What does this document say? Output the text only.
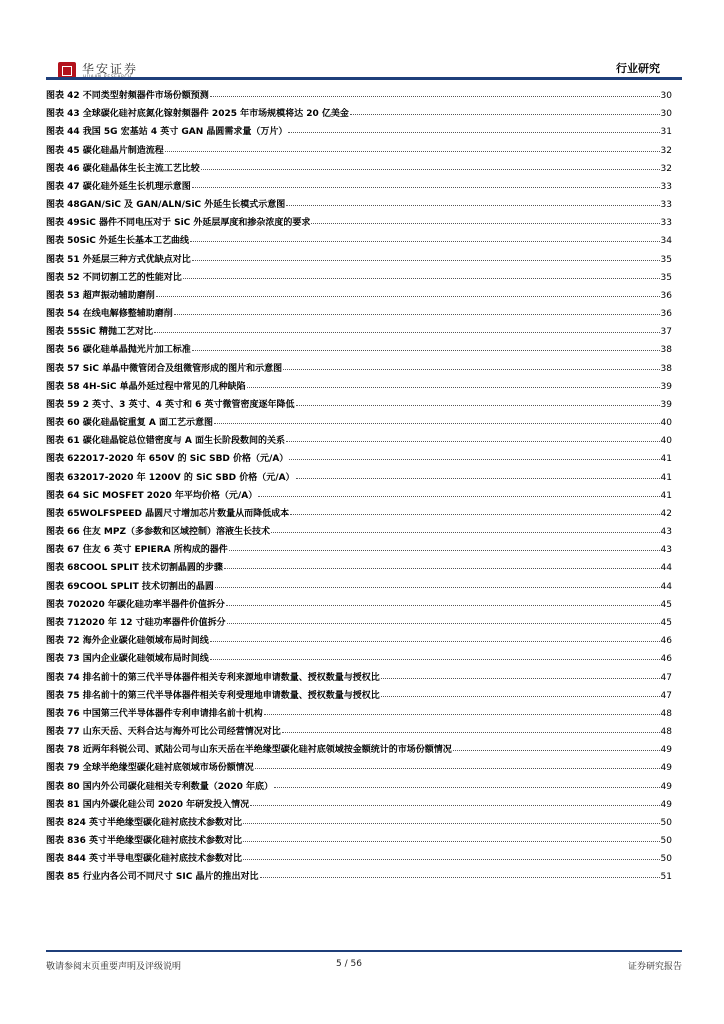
华安证券	行业研究
图表 42 不同类型射频器件市场份额预测	30
图表 43 全球碳化硅衬底氮化镓射频器件 2025 年市场规模将达 20 亿美金	30
图表 44 我国 5G 宏基站 4 英寸 GAN 晶圆需求量（万片）	31
图表 45 碳化硅晶片制造流程	32
图表 46 碳化硅晶体生长主流工艺比较	32
图表 47 碳化硅外延生长机理示意图	33
图表 48GAN/SiC 及 GAN/ALN/SiC 外延生长模式示意图	33
图表 49SiC 器件不同电压对于 SiC 外延层厚度和掺杂浓度的要求	33
图表 50SiC 外延生长基本工艺曲线	34
图表 51 外延层三种方式优缺点对比	35
图表 52 不同切割工艺的性能对比	35
图表 53 超声振动辅助磨削	36
图表 54 在线电解修整辅助磨削	36
图表 55SiC 精抛工艺对比	37
图表 56 碳化硅单晶抛光片加工标准	38
图表 57 SiC 单晶中微管闭合及组微管形成的图片和示意图	38
图表 58 4H-SiC 单晶外延过程中常见的几种缺陷	39
图表 59 2 英寸、3 英寸、4 英寸和 6 英寸微管密度逐年降低	39
图表 60 碳化硅晶锭重复 A 面工艺示意图	40
图表 61 碳化硅晶锭总位错密度与 A 面生长阶段数间的关系	40
图表 622017-2020 年 650V 的 SiC SBD 价格（元/A）	41
图表 632017-2020 年 1200V 的 SiC SBD 价格（元/A）	41
图表 64 SiC MOSFET 2020 年平均价格（元/A）	41
图表 65WOLFSPEED 晶圆尺寸增加芯片数量从而降低成本	42
图表 66 住友 MPZ（多参数和区域控制）溶液生长技术	43
图表 67 住友 6 英寸 EPIERA 所构成的器件	43
图表 68COOL SPLIT 技术切割晶圆的步骤	44
图表 69COOL SPLIT 技术切割出的晶圆	44
图表 702020 年碳化硅功率半器件价值拆分	45
图表 712020 年 12 寸硅功率器件价值拆分	45
图表 72 海外企业碳化硅领域布局时间线	46
图表 73 国内企业碳化硅领域布局时间线	46
图表 74 排名前十的第三代半导体器件相关专利来源地申请数量、授权数量与授权比	47
图表 75 排名前十的第三代半导体器件相关专利受理地申请数量、授权数量与授权比	47
图表 76 中国第三代半导体器件专利申请排名前十机构	48
图表 77 山东天岳、天科合达与海外可比公司经营情况对比	48
图表 78 近两年科锐公司、贰陆公司与山东天岳在半绝缘型碳化硅衬底领域按金额统计的市场份额情况	49
图表 79 全球半绝缘型碳化硅衬底领域市场份额情况	49
图表 80 国内外公司碳化硅相关专利数量（2020 年底）	49
图表 81 国内外碳化硅公司 2020 年研发投入情况	49
图表 824 英寸半绝缘型碳化硅衬底技术参数对比	50
图表 836 英寸半绝缘型碳化硅衬底技术参数对比	50
图表 844 英寸半导电型碳化硅衬底技术参数对比	50
图表 85 行业内各公司不同尺寸 SIC 晶片的推出对比	51
敬请参阅末页重要声明及评级说明	5 / 56	证券研究报告
